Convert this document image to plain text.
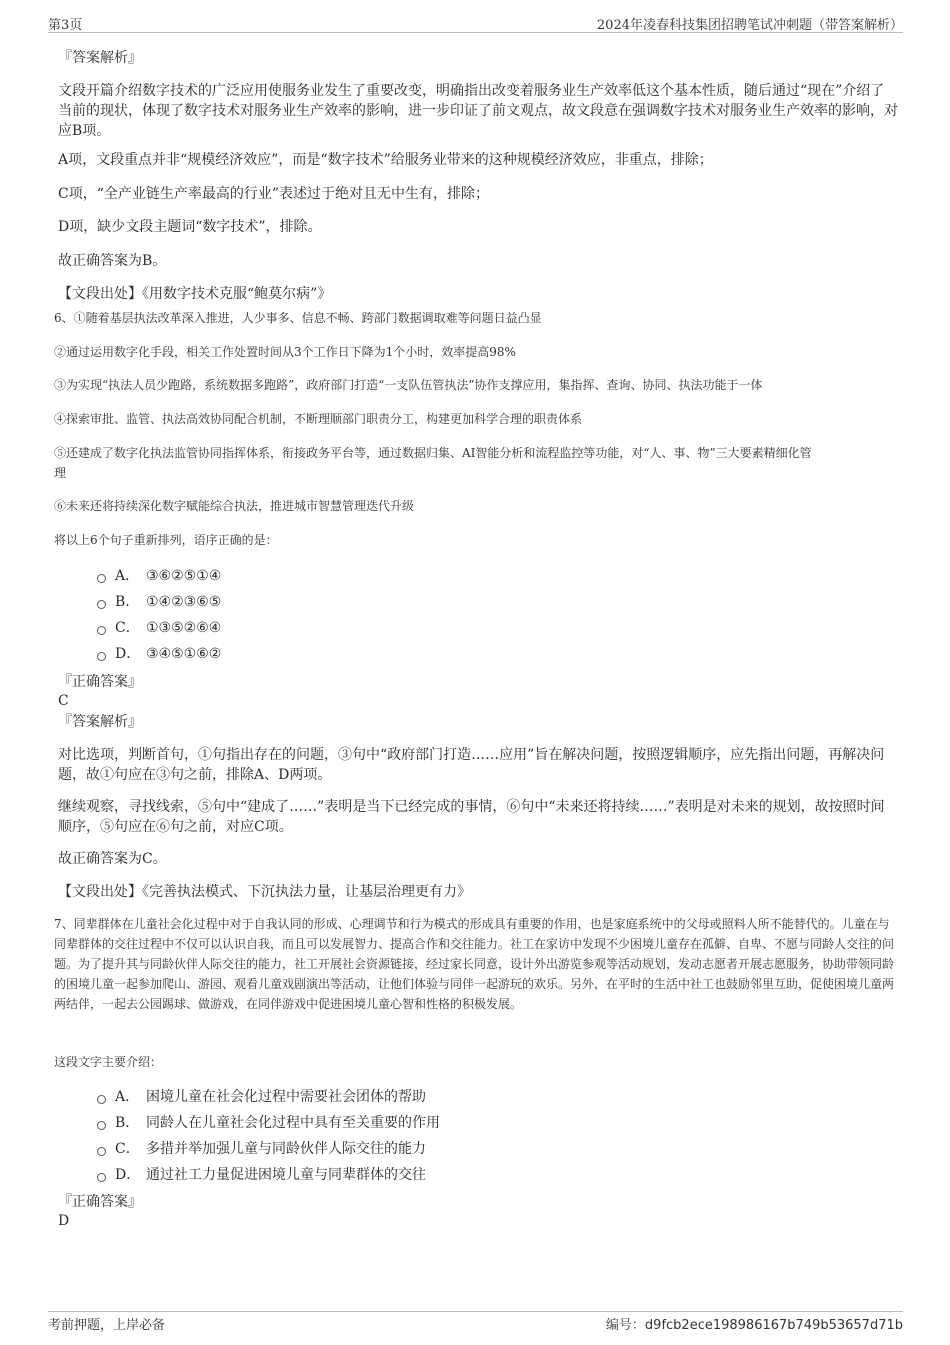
第3页	2024年凌春科技集团招聘笔试冲刺题（带答案解析）
『答案解析』
文段开篇介绍数字技术的广泛应用使服务业发生了重要改变，明确指出改变着服务业生产效率低这个基本性质，随后通过“现在”介绍了当前的现状，体现了数字技术对服务业生产效率的影响，进一步印证了前文观点，故文段意在强调数字技术对服务业生产效率的影响，对应B项。
A项，文段重点并非“规模经济效应”，而是“数字技术”给服务业带来的这种规模经济效应，非重点，排除；
C项，“全产业链生产率最高的行业”表述过于绝对且无中生有，排除；
D项，缺少文段主题词“数字技术”，排除。
故正确答案为B。
【文段出处】《用数字技术克服“鲍莫尔病”》
6、①随着基层执法改革深入推进，人少事多、信息不畅、跨部门数据调取难等问题日益凸显
②通过运用数字化手段，相关工作处置时间从3个工作日下降为1个小时，效率提高98%
③为实现“执法人员少跑路，系统数据多跑路”，政府部门打造“一支队伍管执法”协作支撑应用，集指挥、查询、协同、执法功能于一体
④探索审批、监管、执法高效协同配合机制，不断理顺部门职责分工，构建更加科学合理的职责体系
⑤还建成了数字化执法监管协同指挥体系，衔接政务平台等，通过数据归集、AI智能分析和流程监控等功能，对“人、事、物”三大要素精细化管
理
⑥未来还将持续深化数字赋能综合执法，推进城市智慧管理迭代升级
将以上6个句子重新排列，语序正确的是：
A． ③⑥②⑤①④
B． ①④②③⑥⑤
C． ①③⑤②⑥④
D． ③④⑤①⑥②
『正确答案』
C
『答案解析』
对比选项，判断首句，①句指出存在的问题，③句中“政府部门打造……应用”旨在解决问题，按照逻辑顺序，应先指出问题，再解决问题，故①句应在③句之前，排除A、D两项。
继续观察，寻找线索，⑤句中“建成了……”表明是当下已经完成的事情，⑥句中“未来还将持续……”表明是对未来的规划，故按照时间顺序，⑤句应在⑥句之前，对应C项。
故正确答案为C。
【文段出处】《完善执法模式、下沉执法力量，让基层治理更有力》
7、同辈群体在儿童社会化过程中对于自我认同的形成、心理调节和行为模式的形成具有重要的作用，也是家庭系统中的父母或照料人所不能替代的。儿童在与同辈群体的交往过程中不仅可以认识自我，而且可以发展智力、提高合作和交往能力。社工在家访中发现不少困境儿童存在孤僻、自卑、不愿与同龄人交往的问题。为了提升其与同龄伙伴人际交往的能力，社工开展社会资源链接，经过家长同意，设计外出游览参观等活动规划，发动志愿者开展志愿服务，协助带领同龄的困境儿童一起参加爬山、游园、观看儿童戏剧演出等活动，让他们体验与同伴一起游玩的欢乐。另外，在平时的生活中社工也鼓励邻里互助，促使困境儿童两两结伴，一起去公园踢球、做游戏，在同伴游戏中促进困境儿童心智和性格的积极发展。
这段文字主要介绍：
A． 困境儿童在社会化过程中需要社会团体的帮助
B． 同龄人在儿童社会化过程中具有至关重要的作用
C． 多措并举加强儿童与同龄伙伴人际交往的能力
D． 通过社工力量促进困境儿童与同辈群体的交往
『正确答案』
D
考前押题，上岸必备	编号：d9fcb2ece198986167b749b53657d71b
